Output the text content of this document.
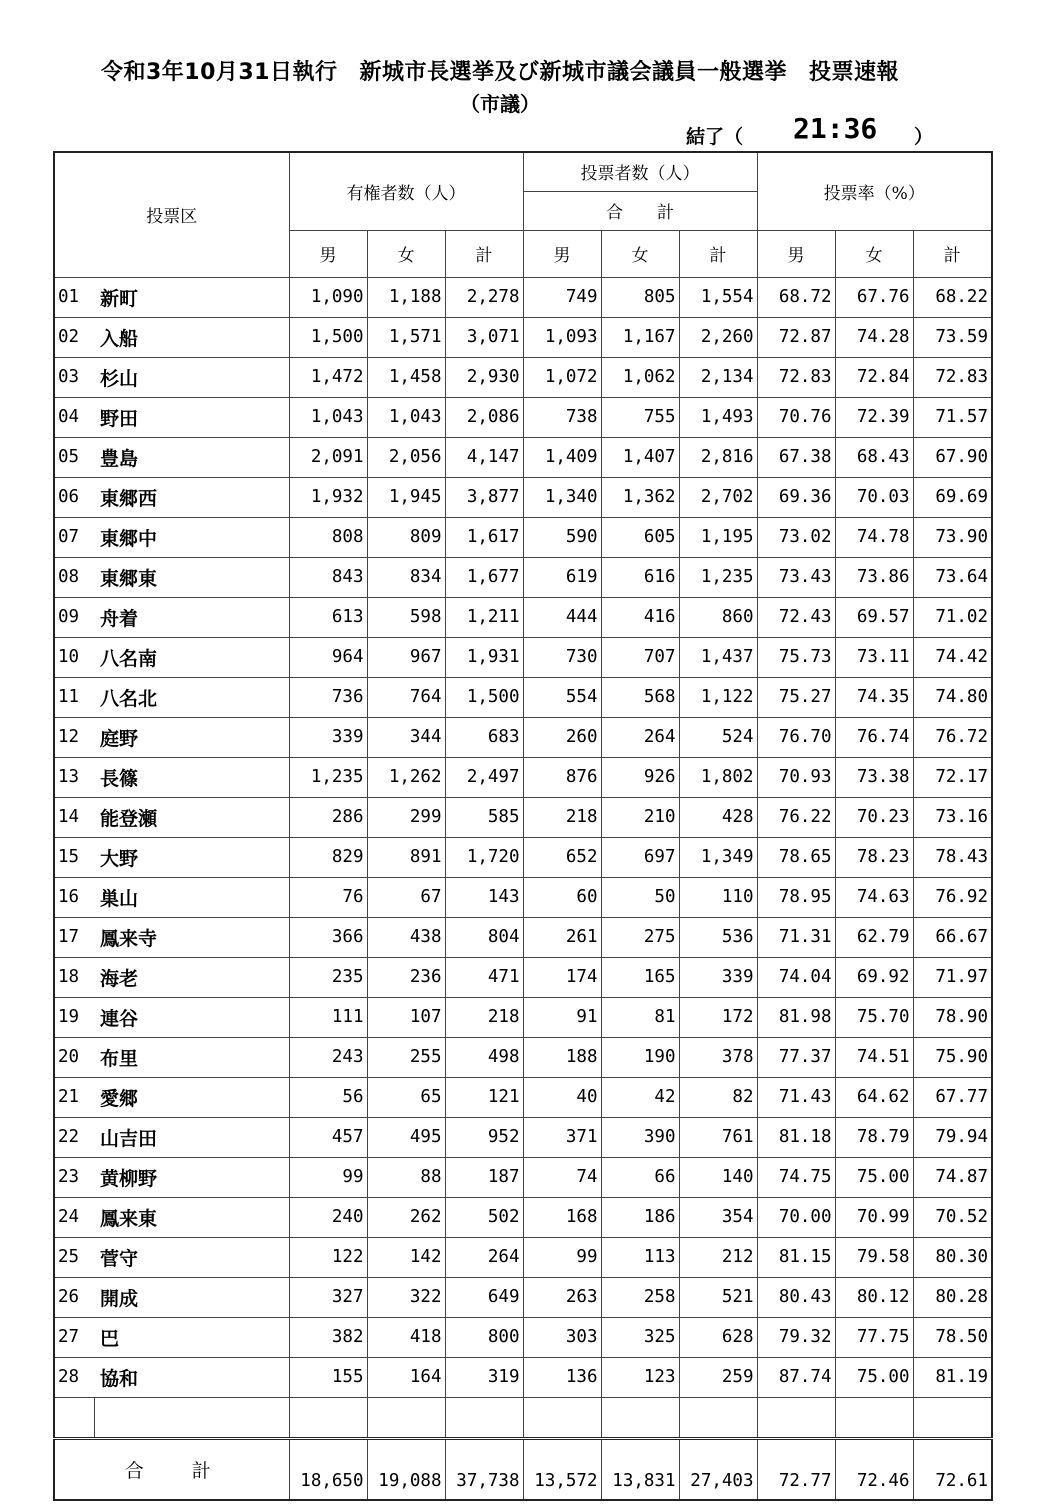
令和3年10月31日執行 新城市長選挙及び新城市議会議員一般選挙 投票速報
（市議）
結了（ 21:36 ）
投票区		有権者数（人）			投票者数（人）			投票率（%）		
					合　　計					
		男	女	計	男	女	計	男	女	計
01	新町	1,090	1,188	2,278	749	805	1,554	68.72	67.76	68.22
02	入船	1,500	1,571	3,071	1,093	1,167	2,260	72.87	74.28	73.59
03	杉山	1,472	1,458	2,930	1,072	1,062	2,134	72.83	72.84	72.83
04	野田	1,043	1,043	2,086	738	755	1,493	70.76	72.39	71.57
05	豊島	2,091	2,056	4,147	1,409	1,407	2,816	67.38	68.43	67.90
06	東郷西	1,932	1,945	3,877	1,340	1,362	2,702	69.36	70.03	69.69
07	東郷中	808	809	1,617	590	605	1,195	73.02	74.78	73.90
08	東郷東	843	834	1,677	619	616	1,235	73.43	73.86	73.64
09	舟着	613	598	1,211	444	416	860	72.43	69.57	71.02
10	八名南	964	967	1,931	730	707	1,437	75.73	73.11	74.42
11	八名北	736	764	1,500	554	568	1,122	75.27	74.35	74.80
12	庭野	339	344	683	260	264	524	76.70	76.74	76.72
13	長篠	1,235	1,262	2,497	876	926	1,802	70.93	73.38	72.17
14	能登瀬	286	299	585	218	210	428	76.22	70.23	73.16
15	大野	829	891	1,720	652	697	1,349	78.65	78.23	78.43
16	巣山	76	67	143	60	50	110	78.95	74.63	76.92
17	鳳来寺	366	438	804	261	275	536	71.31	62.79	66.67
18	海老	235	236	471	174	165	339	74.04	69.92	71.97
19	連谷	111	107	218	91	81	172	81.98	75.70	78.90
20	布里	243	255	498	188	190	378	77.37	74.51	75.90
21	愛郷	56	65	121	40	42	82	71.43	64.62	67.77
22	山吉田	457	495	952	371	390	761	81.18	78.79	79.94
23	黄柳野	99	88	187	74	66	140	74.75	75.00	74.87
24	鳳来東	240	262	502	168	186	354	70.00	70.99	70.52
25	菅守	122	142	264	99	113	212	81.15	79.58	80.30
26	開成	327	322	649	263	258	521	80.43	80.12	80.28
27	巴	382	418	800	303	325	628	79.32	77.75	78.50
28	協和	155	164	319	136	123	259	87.74	75.00	81.19

合計		18,650	19,088	37,738	13,572	13,831	27,403	72.77	72.46	72.61
